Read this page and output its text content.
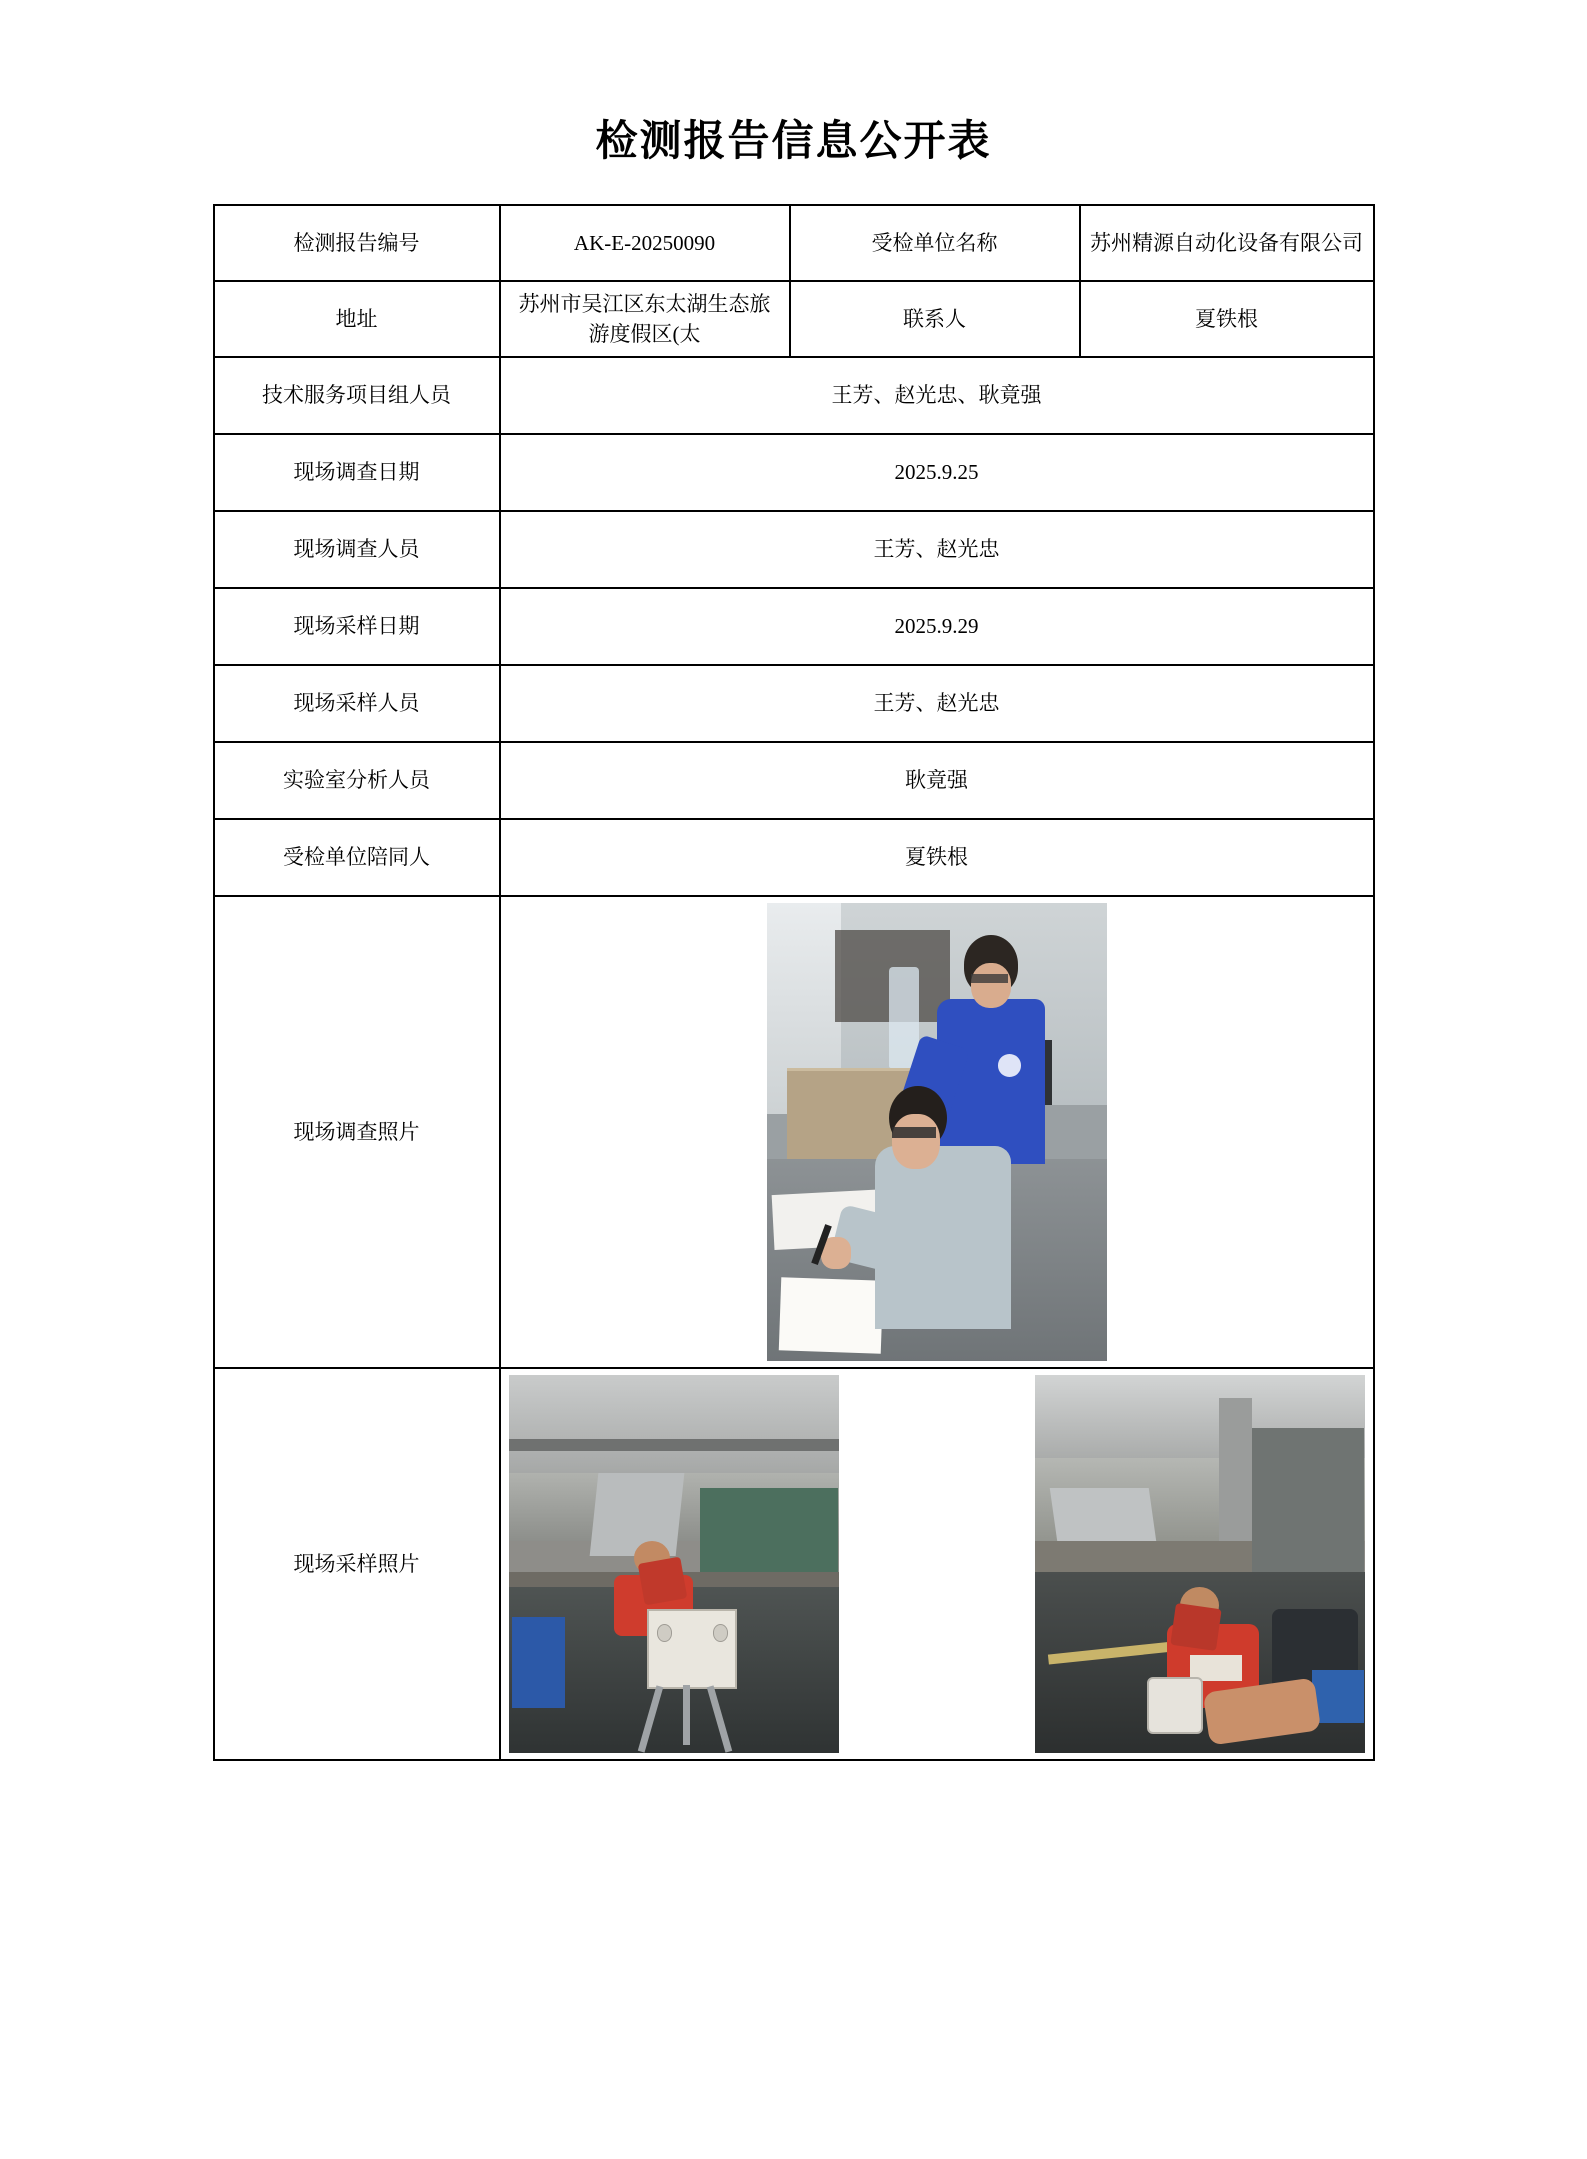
检测报告信息公开表
检测报告编号	AK-E-20250090	受检单位名称	苏州精源自动化设备有限公司
地址	苏州市吴江区东太湖生态旅游度假区(太	联系人	夏铁根
技术服务项目组人员	王芳、赵光忠、耿竟强		
现场调查日期	2025.9.25		
现场调查人员	王芳、赵光忠		
现场采样日期	2025.9.29		
现场采样人员	王芳、赵光忠		
实验室分析人员	耿竟强		
受检单位陪同人	夏铁根		
现场调查照片			

现场采样照片			
